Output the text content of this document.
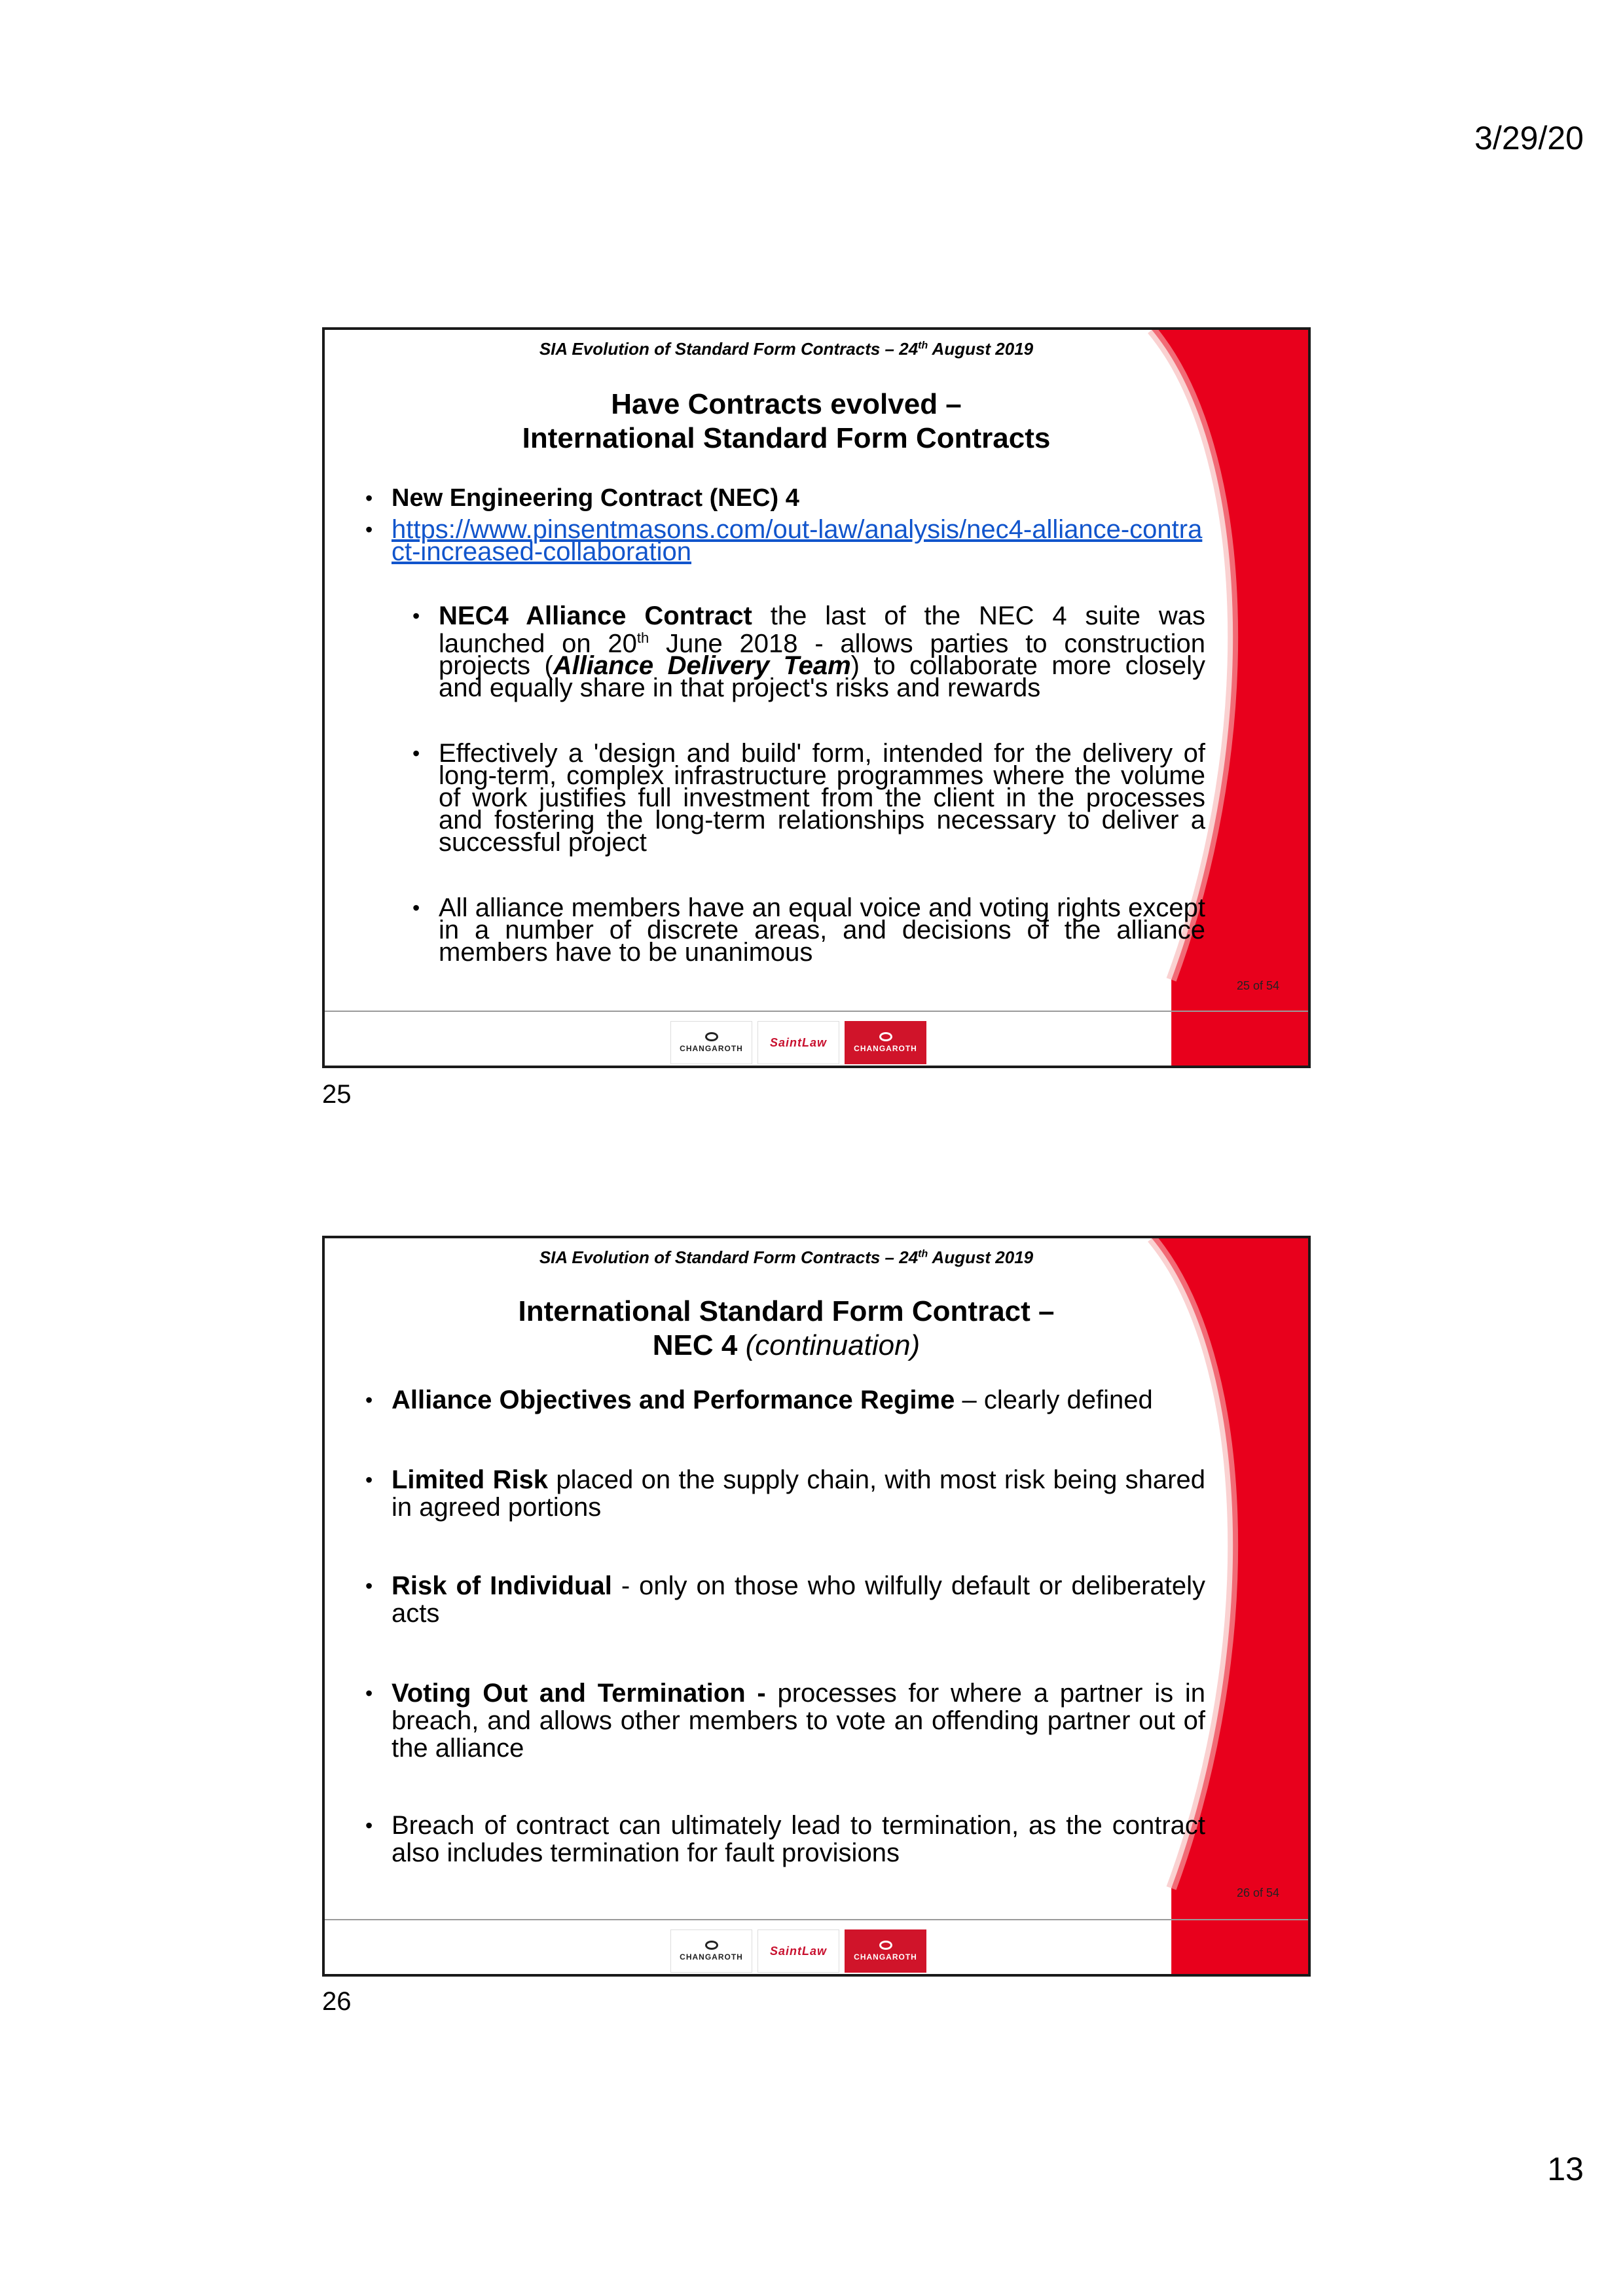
3/29/20
SIA Evolution of Standard Form Contracts – 24th August 2019
Have Contracts evolved –
International Standard Form Contracts
• New Engineering Contract (NEC) 4
• https://www.pinsentmasons.com/out-law/analysis/nec4-alliance-contract-increased-collaboration
• NEC4 Alliance Contract the last of the NEC 4 suite was launched on 20th June 2018 - allows parties to construction projects (Alliance Delivery Team) to collaborate more closely and equally share in that project's risks and rewards
• Effectively a 'design and build' form, intended for the delivery of long-term, complex infrastructure programmes where the volume of work justifies full investment from the client in the processes and fostering the long-term relationships necessary to deliver a successful project
• All alliance members have an equal voice and voting rights except in a number of discrete areas, and decisions of the alliance members have to be unanimous
25 of 54
CHANGAROTH SaintLaw	CHANGAROTH
25
SIA Evolution of Standard Form Contracts – 24th August 2019
International Standard Form Contract –
NEC 4 (continuation)
• Alliance Objectives and Performance Regime – clearly defined
• Limited Risk placed on the supply chain, with most risk being shared in agreed portions
• Risk of Individual - only on those who wilfully default or deliberately acts
• Voting Out and Termination - processes for where a partner is in breach, and allows other members to vote an offending partner out of the alliance
• Breach of contract can ultimately lead to termination, as the contract also includes termination for fault provisions
26 of 54
CHANGAROTH SaintLaw	CHANGAROTH
26
13
